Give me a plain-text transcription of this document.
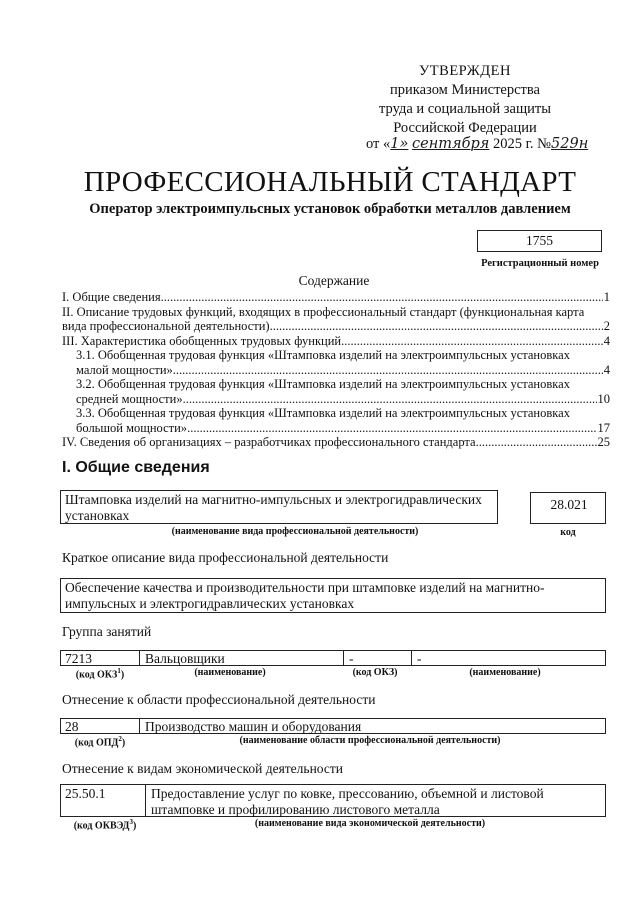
УТВЕРЖДЕН
приказом Министерства
труда и социальной защиты
Российской Федерации
от «1» сентября 2025 г. №529н
ПРОФЕССИОНАЛЬНЫЙ СТАНДАРТ
Оператор электроимпульсных установок обработки металлов давлением
1755
Регистрационный номер
Содержание
I. Общие сведения .....	1
II. Описание трудовых функций, входящих в профессиональный стандарт (функциональная карта
вида профессиональной деятельности) .....	2
III. Характеристика обобщенных трудовых функций .....	4
3.1. Обобщенная трудовая функция «Штамповка изделий на электроимпульсных установках
малой мощности» .....	4
3.2. Обобщенная трудовая функция «Штамповка изделий на электроимпульсных установках
средней мощности» .....	10
3.3. Обобщенная трудовая функция «Штамповка изделий на электроимпульсных установках
большой мощности» .....	17
IV. Сведения об организациях – разработчиках профессионального стандарта .....	25
I. Общие сведения
Штамповка изделий на магнитно-импульсных и электрогидравлических установках
(наименование вида профессиональной деятельности)
28.021
код
Краткое описание вида профессиональной деятельности
Обеспечение качества и производительности при штамповке изделий на магнитно-импульсных и электрогидравлических установках
Группа занятий
7213	Вальцовщики	-	-
(код ОКЗ$^1$)	(наименование)	(код ОКЗ)	(наименование)
Отнесение к области профессиональной деятельности
28	Производство машин и оборудования
(код ОПД$^2$)	(наименование области профессиональной деятельности)
Отнесение к видам экономической деятельности
25.50.1	Предоставление услуг по ковке, прессованию, объемной и листовой штамповке и профилированию листового металла
(код ОКВЭД$^3$)	(наименование вида экономической деятельности)
